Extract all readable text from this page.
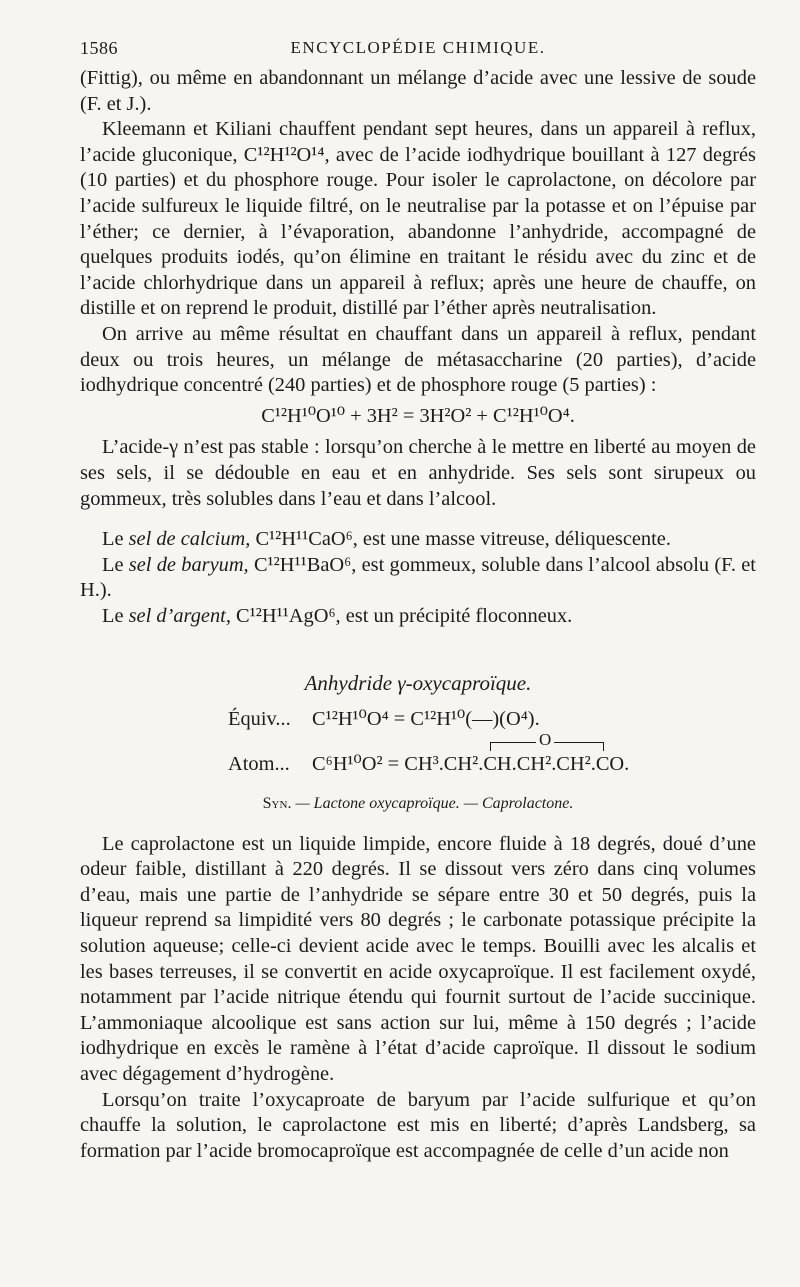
1586	ENCYCLOPÉDIE CHIMIQUE.

(Fittig), ou même en abandonnant un mélange d’acide avec une lessive de soude (F. et J.).

Kleemann et Kiliani chauffent pendant sept heures, dans un appareil à reflux, l’acide gluconique, C¹²H¹²O¹⁴, avec de l’acide iodhydrique bouillant à 127 degrés (10 parties) et du phosphore rouge. Pour isoler le caprolactone, on décolore par l’acide sulfureux le liquide filtré, on le neutralise par la potasse et on l’épuise par l’éther; ce dernier, à l’évaporation, abandonne l’anhydride, accompagné de quelques produits iodés, qu’on élimine en traitant le résidu avec du zinc et de l’acide chlorhydrique dans un appareil à reflux; après une heure de chauffe, on distille et on reprend le produit, distillé par l’éther après neutralisation.

On arrive au même résultat en chauffant dans un appareil à reflux, pendant deux ou trois heures, un mélange de métasaccharine (20 parties), d’acide iodhydrique concentré (240 parties) et de phosphore rouge (5 parties) :

C¹²H¹⁰O¹⁰ + 3H² = 3H²O² + C¹²H¹⁰O⁴.

L’acide-γ n’est pas stable : lorsqu’on cherche à le mettre en liberté au moyen de ses sels, il se dédouble en eau et en anhydride. Ses sels sont sirupeux ou gommeux, très solubles dans l’eau et dans l’alcool.

Le sel de calcium, C¹²H¹¹CaO⁶, est une masse vitreuse, déliquescente.

Le sel de baryum, C¹²H¹¹BaO⁶, est gommeux, soluble dans l’alcool absolu (F. et H.).

Le sel d’argent, C¹²H¹¹AgO⁶, est un précipité floconneux.

Anhydride γ-oxycaproïque.
Équiv... C¹²H¹⁰O⁴ = C¹²H¹⁰(—)(O⁴).
O
Atom... C⁶H¹⁰O² = CH³.CH².CH.CH².CH².CO.
Syn. — Lactone oxycaproïque. — Caprolactone.

Le caprolactone est un liquide limpide, encore fluide à 18 degrés, doué d’une odeur faible, distillant à 220 degrés. Il se dissout vers zéro dans cinq volumes d’eau, mais une partie de l’anhydride se sépare entre 30 et 50 degrés, puis la liqueur reprend sa limpidité vers 80 degrés ; le carbonate potassique précipite la solution aqueuse; celle-ci devient acide avec le temps. Bouilli avec les alcalis et les bases terreuses, il se convertit en acide oxycaproïque. Il est facilement oxydé, notamment par l’acide nitrique étendu qui fournit surtout de l’acide succinique. L’ammoniaque alcoolique est sans action sur lui, même à 150 degrés ; l’acide iodhydrique en excès le ramène à l’état d’acide caproïque. Il dissout le sodium avec dégagement d’hydrogène.

Lorsqu’on traite l’oxycaproate de baryum par l’acide sulfurique et qu’on chauffe la solution, le caprolactone est mis en liberté; d’après Landsberg, sa formation par l’acide bromocaproïque est accompagnée de celle d’un acide non
